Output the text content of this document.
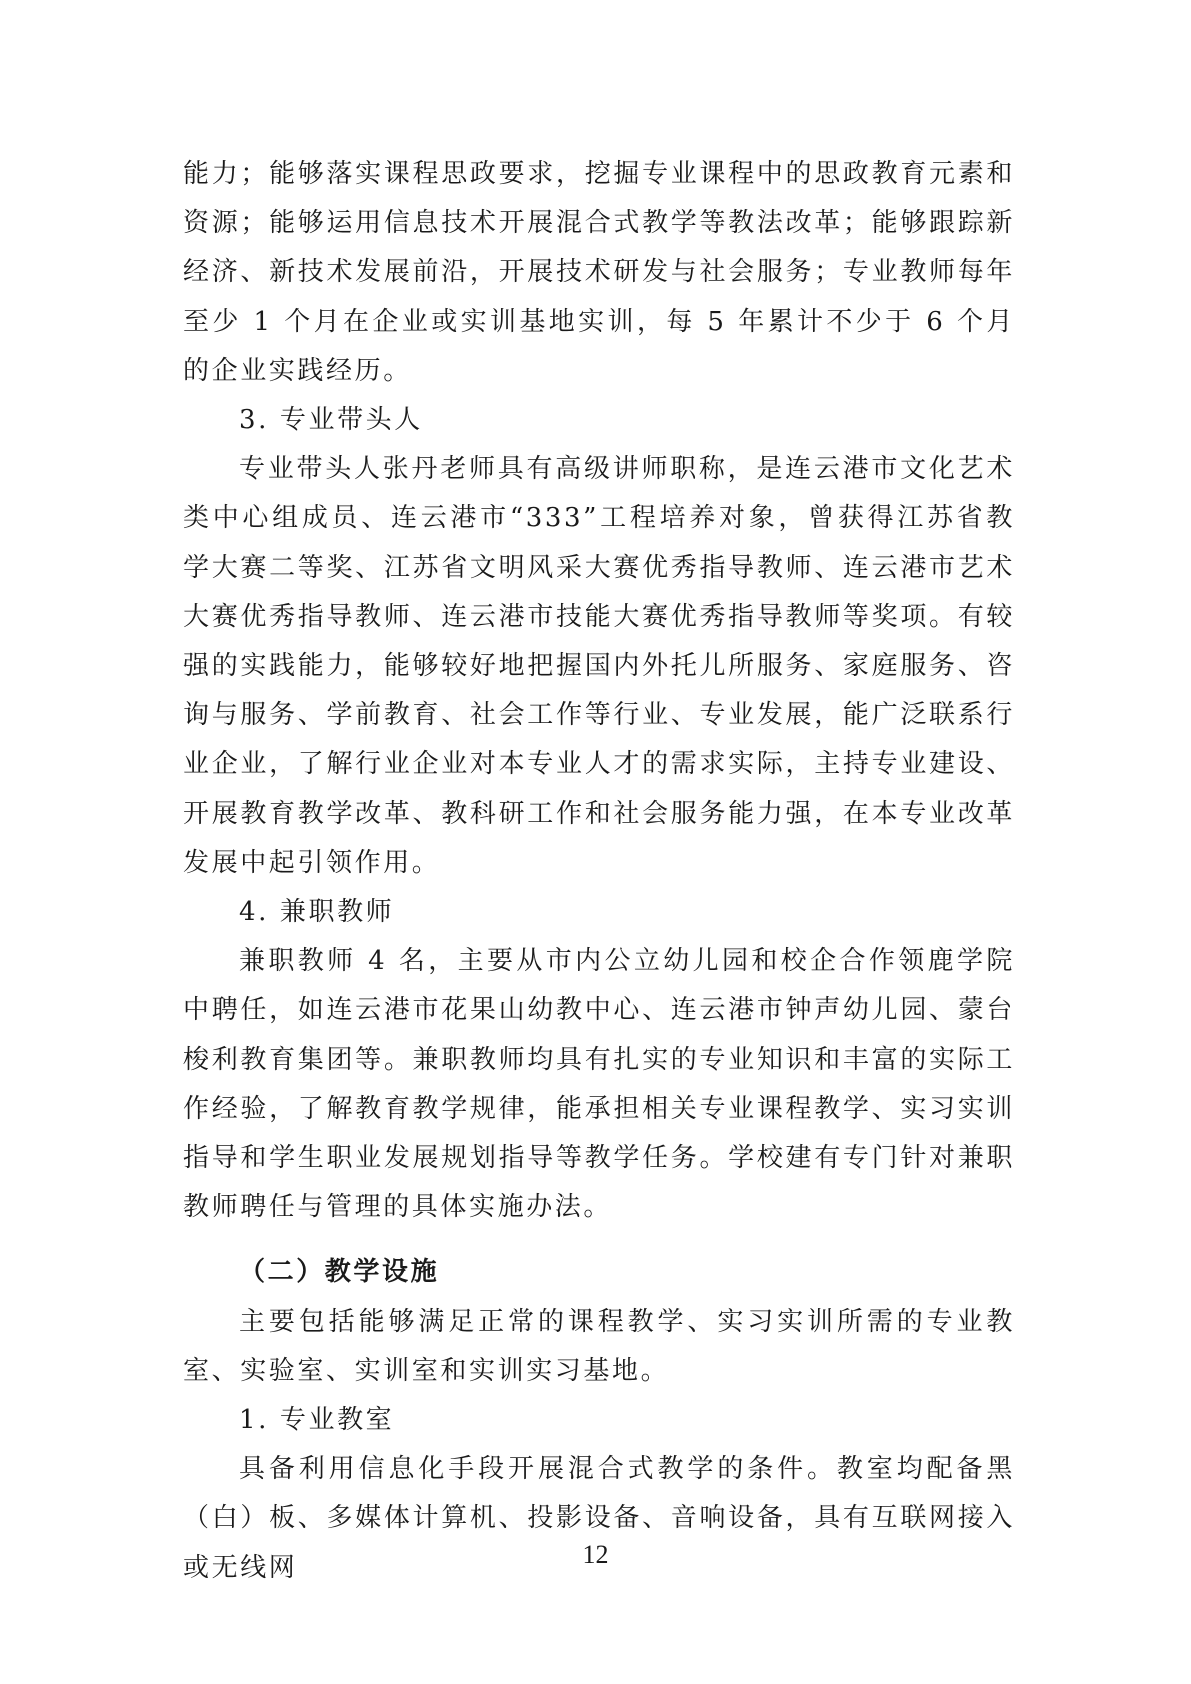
能力；能够落实课程思政要求，挖掘专业课程中的思政教育元素和资源；能够运用信息技术开展混合式教学等教法改革；能够跟踪新经济、新技术发展前沿，开展技术研发与社会服务；专业教师每年至少 1 个月在企业或实训基地实训，每 5 年累计不少于 6 个月的企业实践经历。

3. 专业带头人

专业带头人张丹老师具有高级讲师职称，是连云港市文化艺术类中心组成员、连云港市“333”工程培养对象，曾获得江苏省教学大赛二等奖、江苏省文明风采大赛优秀指导教师、连云港市艺术大赛优秀指导教师、连云港市技能大赛优秀指导教师等奖项。有较强的实践能力，能够较好地把握国内外托儿所服务、家庭服务、咨询与服务、学前教育、社会工作等行业、专业发展，能广泛联系行业企业，了解行业企业对本专业人才的需求实际，主持专业建设、开展教育教学改革、教科研工作和社会服务能力强，在本专业改革发展中起引领作用。

4. 兼职教师

兼职教师 4 名，主要从市内公立幼儿园和校企合作领鹿学院中聘任，如连云港市花果山幼教中心、连云港市钟声幼儿园、蒙台梭利教育集团等。兼职教师均具有扎实的专业知识和丰富的实际工作经验，了解教育教学规律，能承担相关专业课程教学、实习实训指导和学生职业发展规划指导等教学任务。学校建有专门针对兼职教师聘任与管理的具体实施办法。

（二）教学设施

主要包括能够满足正常的课程教学、实习实训所需的专业教室、实验室、实训室和实训实习基地。

1. 专业教室

具备利用信息化手段开展混合式教学的条件。教室均配备黑（白）板、多媒体计算机、投影设备、音响设备，具有互联网接入或无线网	12
